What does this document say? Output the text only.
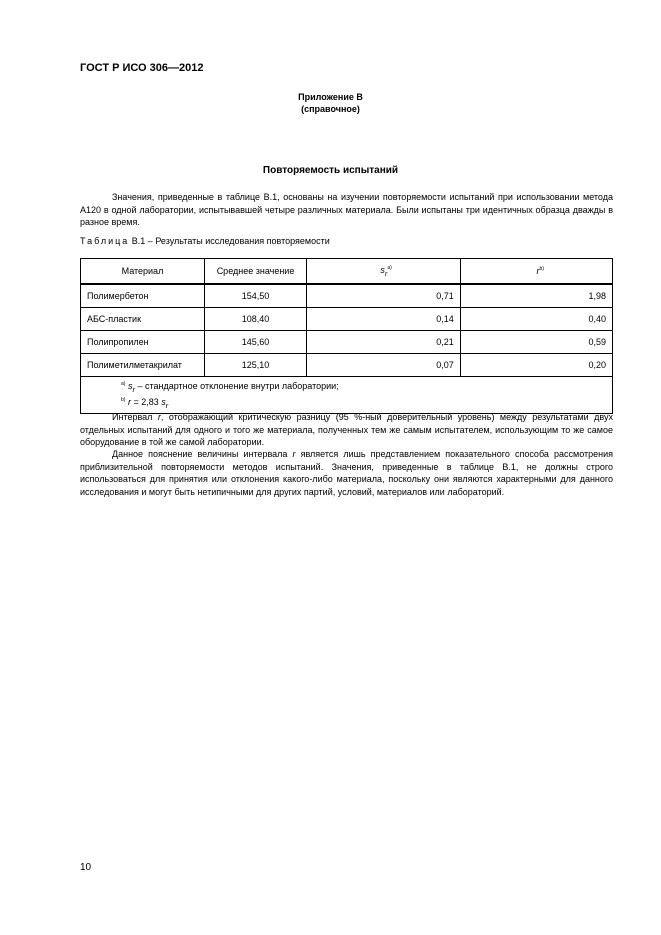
ГОСТ Р ИСО 306—2012
Приложение В
(справочное)
Повторяемость испытаний
Значения, приведенные в таблице В.1, основаны на изучении повторяемости испытаний при использовании метода А120 в одной лаборатории, испытывавшей четыре различных материала. Были испытаны три идентичных образца дважды в разное время.
Таблица В.1 – Результаты исследования повторяемости
Материал	Среднее значение	$s_r^{a)}$	$r^{b)}$
Полимербетон	154,50	0,71	1,98
АБС-пластик	108,40	0,14	0,40
Полипропилен	145,60	0,21	0,59
Полиметилметакрилат	125,10	0,07	0,20

$^{a)}$ $s_r$ – стандартное отклонение внутри лаборатории;
$^{b)}$ r = 2,83 $s_r$
Интервал r, отображающий критическую разницу (95 %-ный доверительный уровень) между результатами двух отдельных испытаний для одного и того же материала, полученных тем же самым испытателем, использующим то же самое оборудование в той же самой лаборатории.
Данное пояснение величины интервала r является лишь представлением показательного способа рассмотрения приблизительной повторяемости методов испытаний. Значения, приведенные в таблице В.1, не должны строго использоваться для принятия или отклонения какого-либо материала, поскольку они являются характерными для данного исследования и могут быть нетипичными для других партий, условий, материалов или лабораторий.
10
